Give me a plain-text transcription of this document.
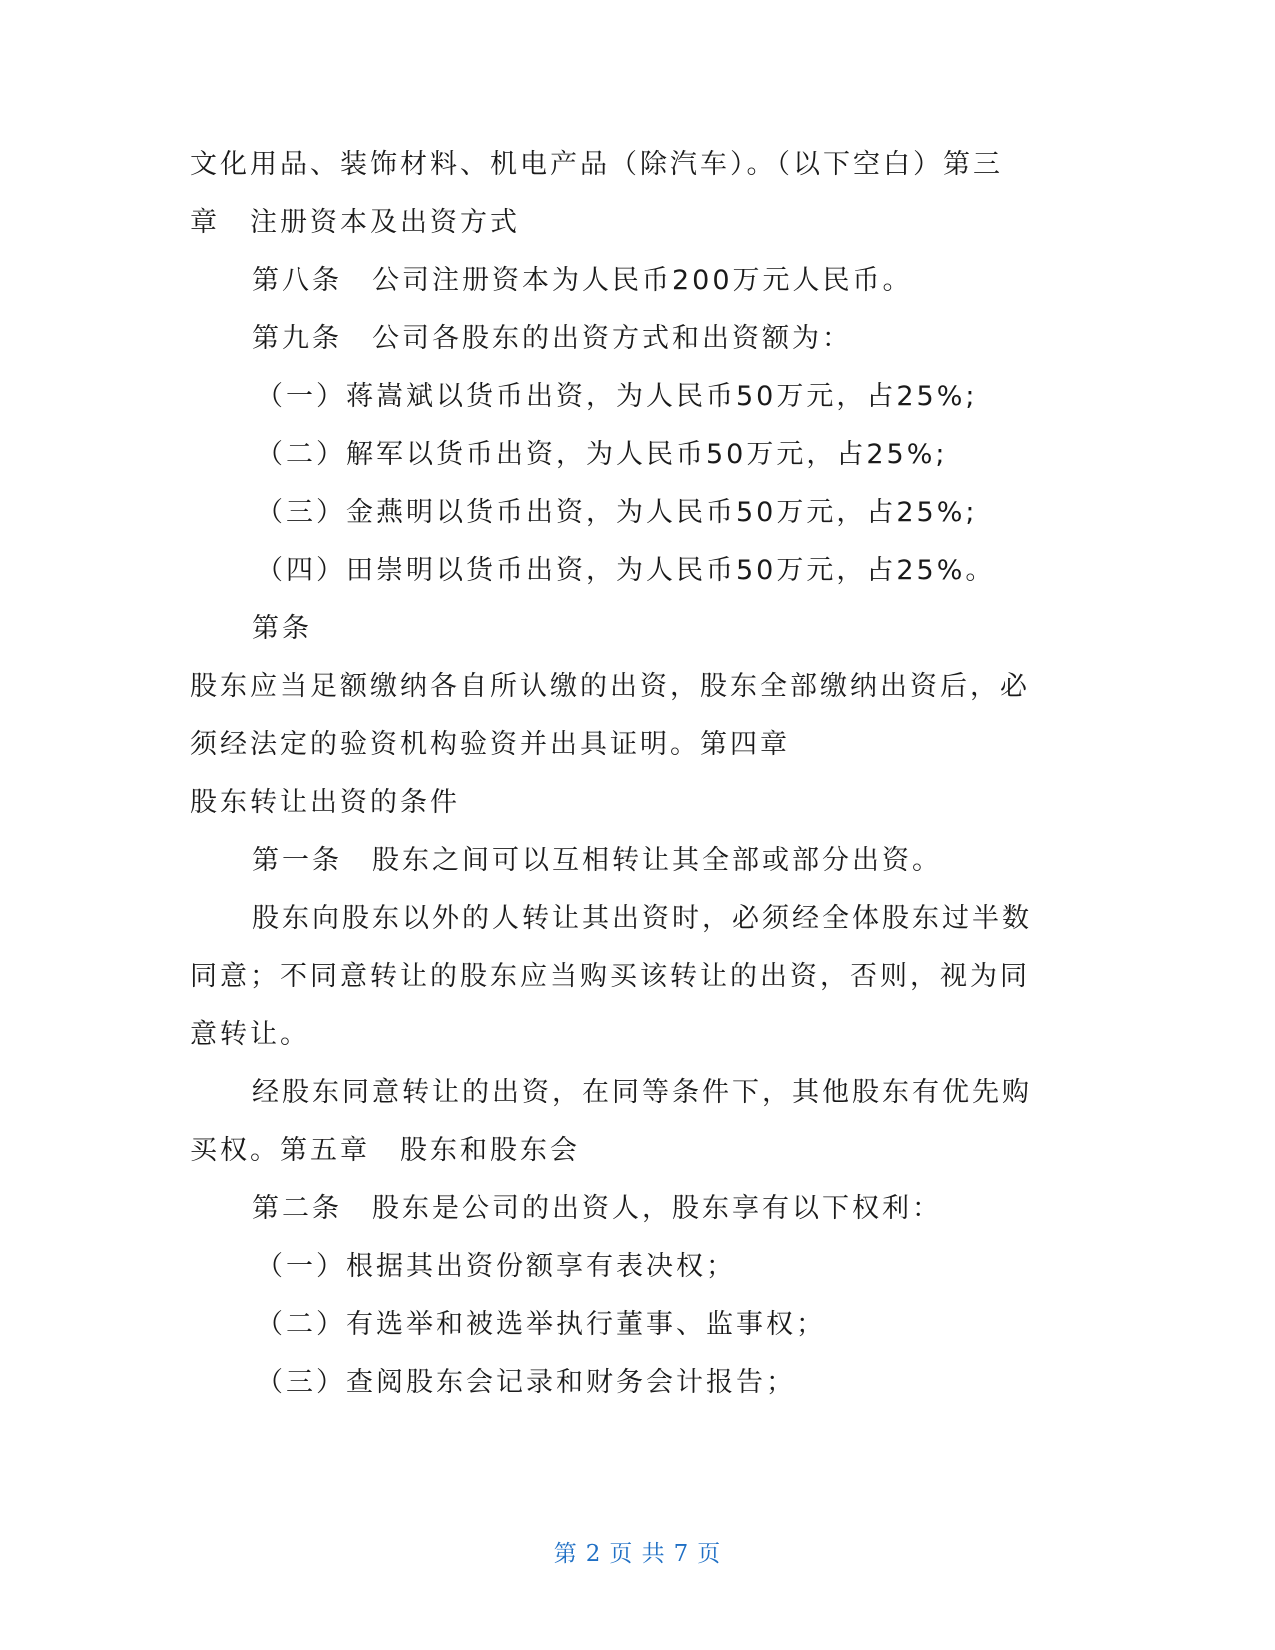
文化用品、装饰材料、机电产品（除汽车）。（以下空白）第三
章　注册资本及出资方式
第八条　公司注册资本为人民币200万元人民币。
第九条　公司各股东的出资方式和出资额为：
（一）蒋嵩斌以货币出资，为人民币50万元，占25%;
（二）解军以货币出资，为人民币50万元，占25%;
（三）金燕明以货币出资，为人民币50万元，占25%;
（四）田崇明以货币出资，为人民币50万元，占25%。
第条
股东应当足额缴纳各自所认缴的出资，股东全部缴纳出资后，必
须经法定的验资机构验资并出具证明。第四章
股东转让出资的条件
第一条　股东之间可以互相转让其全部或部分出资。
股东向股东以外的人转让其出资时，必须经全体股东过半数
同意；不同意转让的股东应当购买该转让的出资，否则，视为同
意转让。
经股东同意转让的出资，在同等条件下，其他股东有优先购
买权。第五章　股东和股东会
第二条　股东是公司的出资人，股东享有以下权利：
（一）根据其出资份额享有表决权；
（二）有选举和被选举执行董事、监事权；
（三）查阅股东会记录和财务会计报告；
第 2 页 共 7 页
